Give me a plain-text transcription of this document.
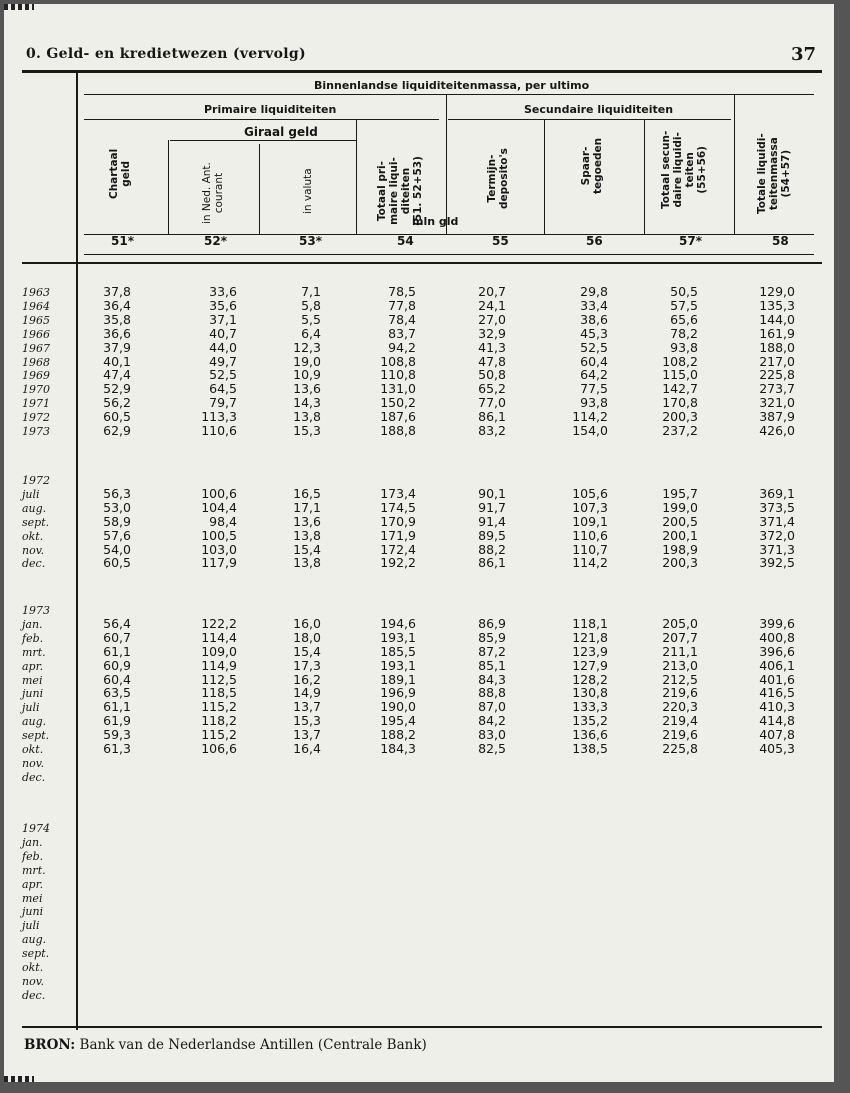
0. Geld- en kredietwezen (vervolg)	37
Binnenlandse liquiditeitenmassa, per ultimo
Primaire liquiditeiten	Secundaire liquiditeiten
Giraal geld
mln gld
Chartaal geld	in Ned. Ant. courant	in valuta	Totaal pri- maire liqui- diteiten (51. 52+53)	Termijn- deposito's	Spaar- tegoeden	Totaal secun- daire liquidi- teiten (55+56)	Totale liquidi- teitenmassa (54+57)
51*	52*	53*	54	55	56	57*	58
1963	37,8	33,6	7,1	78,5	20,7	29,8	50,5	129,0
1964	36,4	35,6	5,8	77,8	24,1	33,4	57,5	135,3
1965	35,8	37,1	5,5	78,4	27,0	38,6	65,6	144,0
1966	36,6	40,7	6,4	83,7	32,9	45,3	78,2	161,9
1967	37,9	44,0	12,3	94,2	41,3	52,5	93,8	188,0
1968	40,1	49,7	19,0	108,8	47,8	60,4	108,2	217,0
1969	47,4	52,5	10,9	110,8	50,8	64,2	115,0	225,8
1970	52,9	64,5	13,6	131,0	65,2	77,5	142,7	273,7
1971	56,2	79,7	14,3	150,2	77,0	93,8	170,8	321,0
1972	60,5	113,3	13,8	187,6	86,1	114,2	200,3	387,9
1973	62,9	110,6	15,3	188,8	83,2	154,0	237,2	426,0
1972
juli	56,3	100,6	16,5	173,4	90,1	105,6	195,7	369,1
aug.	53,0	104,4	17,1	174,5	91,7	107,3	199,0	373,5
sept.	58,9	98,4	13,6	170,9	91,4	109,1	200,5	371,4
okt.	57,6	100,5	13,8	171,9	89,5	110,6	200,1	372,0
nov.	54,0	103,0	15,4	172,4	88,2	110,7	198,9	371,3
dec.	60,5	117,9	13,8	192,2	86,1	114,2	200,3	392,5
1973
jan.	56,4	122,2	16,0	194,6	86,9	118,1	205,0	399,6
feb.	60,7	114,4	18,0	193,1	85,9	121,8	207,7	400,8
mrt.	61,1	109,0	15,4	185,5	87,2	123,9	211,1	396,6
apr.	60,9	114,9	17,3	193,1	85,1	127,9	213,0	406,1
mei	60,4	112,5	16,2	189,1	84,3	128,2	212,5	401,6
juni	63,5	118,5	14,9	196,9	88,8	130,8	219,6	416,5
juli	61,1	115,2	13,7	190,0	87,0	133,3	220,3	410,3
aug.	61,9	118,2	15,3	195,4	84,2	135,2	219,4	414,8
sept.	59,3	115,2	13,7	188,2	83,0	136,6	219,6	407,8
okt.	61,3	106,6	16,4	184,3	82,5	138,5	225,8	405,3
nov.
dec.
1974
jan.
feb.
mrt.
apr.
mei
juni
juli
aug.
sept.
okt.
nov.
dec.
BRON: Bank van de Nederlandse Antillen (Centrale Bank)
